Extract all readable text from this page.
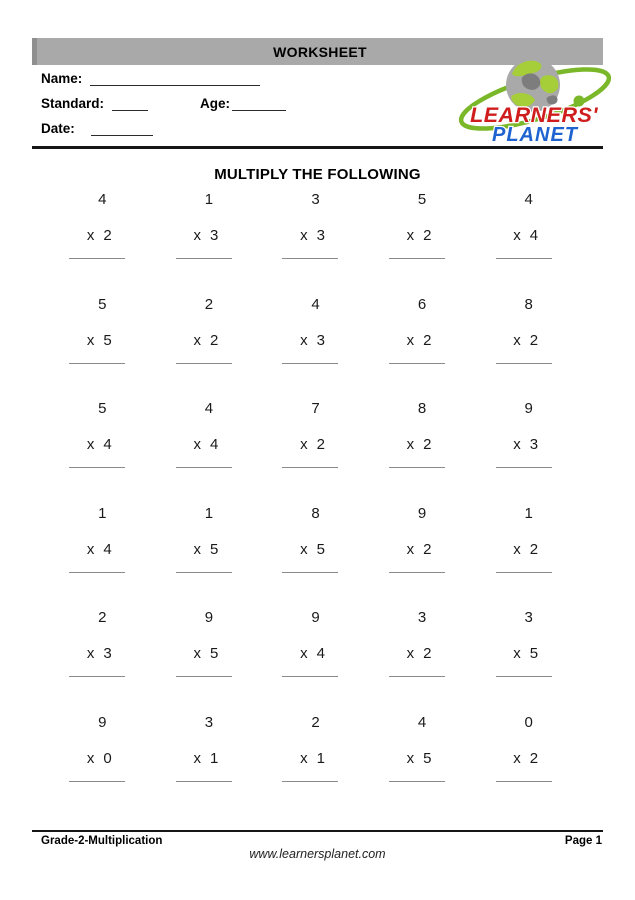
WORKSHEET
Name:
Standard:	Age:
Date:
LEARNERS'
PLANET
MULTIPLY THE FOLLOWING
4
x 2
1
x 3
3
x 3
5
x 2
4
x 4
5
x 5
2
x 2
4
x 3
6
x 2
8
x 2
5
x 4
4
x 4
7
x 2
8
x 2
9
x 3
1
x 4
1
x 5
8
x 5
9
x 2
1
x 2
2
x 3
9
x 5
9
x 4
3
x 2
3
x 5
9
x 0
3
x 1
2
x 1
4
x 5
0
x 2
Grade-2-Multiplication	Page 1
www.learnersplanet.com
